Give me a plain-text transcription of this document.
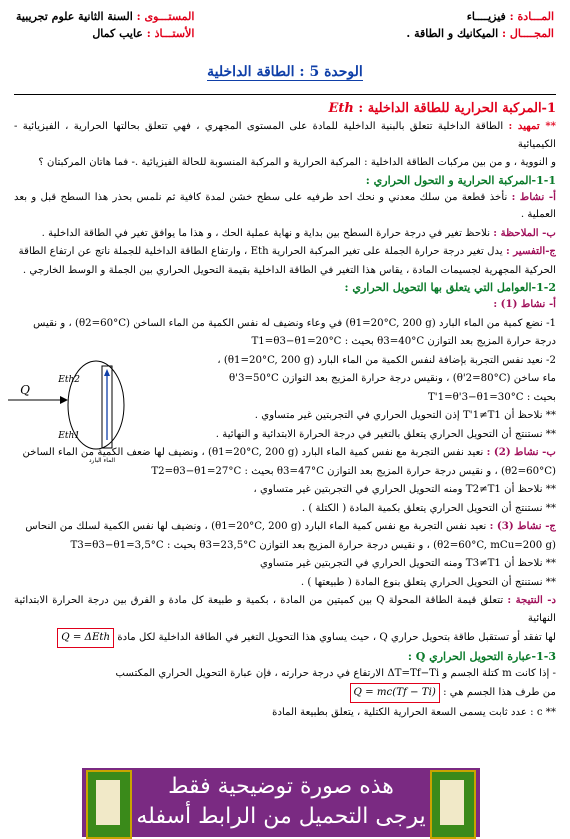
المـــادة : فيزيــــاء
المجــــال : الميكانيك و الطاقة .
المستـــوى : السنة الثانية علوم تجريبية
الأستـــاذ : عايب كمال
الوحدة 5 : الطاقة الداخلية
1-المركبة الحرارية للطاقة الداخلية : Eth

** تمهيد : الطاقة الداخلية تتعلق بالبنية الداخلية للمادة على المستوى المجهري ، فهي تتعلق بحالتها الحرارية ، الفيزيائية - الكيميائية

و النووية ، و من بين مركبات الطاقة الداخلية : المركبة الحرارية و المركبة المنسوبة للحالة الفيزيائية .- فما هاتان المركبتان ؟

1-1-المركبة الحرارية و التحول الحراري :

أ- نشاط : نأخذ قطعة من سلك معدني و نحك احد طرفيه على سطح خشن لمدة كافية ثم نلمس بحذر هذا السطح قبل و بعد العملية .

ب- الملاحظة : نلاحظ تغير في درجة حرارة السطح بين بداية و نهاية عملية الحك ، و هذا ما يوافق تغير في الطاقة الداخلية .

ج-التفسير : يدل تغير درجة حرارة الجملة على تغير المركبة الحرارية Eth ، وارتفاع الطاقة الداخلية للجملة ناتج عن ارتفاع الطاقة

الحركية المجهرية لجسيمات المادة ، يقاس هذا التغير في الطاقة الداخلية بقيمة التحويل الحراري بين الجملة و الوسط الخارجي .

1-2-العوامل التي يتعلق بها التحويل الحراري :

أ- نشاط (1) :

1- نضع كمية من الماء البارد (θ1=20°C, 200 g) في وعاء ونضيف له نفس الكمية من الماء الساخن (θ2=60°C) ، و نقيس

درجة حرارة المزيج بعد التوازن θ3=40°C بحيث : T1=θ3−θ1=20°C

2- نعيد نفس التجربة بإضافة لنفس الكمية من الماء البارد (θ1=20°C, 200 g) ،

ماء ساخن (θ'2=80°C) ، ونقيس درجة حرارة المزيج بعد التوازن θ'3=50°C

بحيث : T'1=θ'3−θ1=30°C

** نلاحظ أن T'1≠T1 إذن التحويل الحراري في التجربتين غير متساوي .

** نستنتج أن التحويل الحراري يتعلق بالتغير في درجة الحرارة الابتدائية و النهائية .

ب- نشاط (2) : نعيد نفس التجربة مع نفس كمية الماء البارد (θ1=20°C, 200 g) ، ونضيف لها ضعف الكمية من الماء الساخن

(θ2=60°C) ، و نقيس درجة حرارة المزيج بعد التوازن θ3=47°C بحيث : T2=θ3−θ1=27°C

** نلاحظ أن T2≠T1 ومنه التحويل الحراري في التجربتين غير متساوي ،

** نستنتج أن التحويل الحراري يتعلق بكمية المادة ( الكتلة ) .

ج- نشاط (3) : نعيد نفس التجربة مع نفس كمية الماء البارد (θ1=20°C, 200 g) ، ونضيف لها نفس الكمية لسلك من النحاس

(θ2=60°C, mCu=200 g) ، و نقيس درجة حرارة المزيج بعد التوازن θ3=23,5°C بحيث : T3=θ3−θ1=3,5°C

** نلاحظ أن T3≠T1 ومنه التحويل الحراري في التجربتين غير متساوي

** نستنتج أن التحويل الحراري يتعلق بنوع المادة ( طبيعتها ) .

د- النتيجة : تتعلق قيمة الطاقة المحولة Q بين كميتين من المادة ، بكمية و طبيعة كل مادة و الفرق بين درجة الحرارة الابتدائية النهائية

لها تفقد أو تستقبل طاقة بتحويل حراري Q ، حيث يساوي هذا التحويل التغير في الطاقة الداخلية لكل مادة Q = ΔEth

1-3-عبارة التحويل الحراري Q :

- إذا كانت m كتلة الجسم و ΔT=Tf−Ti الارتفاع في درجة حرارته ، فإن عبارة التحويل الحراري المكتسب

من طرف هذا الجسم هي : Q = mc(Tf − Ti)

** c : عدد ثابت يسمى السعة الحرارية الكتلية ، يتعلق بطبيعة المادة

Q
Eth2
Eth1
الماء البارد
هذه صورة توضيحية فقط
يرجى التحميل من الرابط أسفله
